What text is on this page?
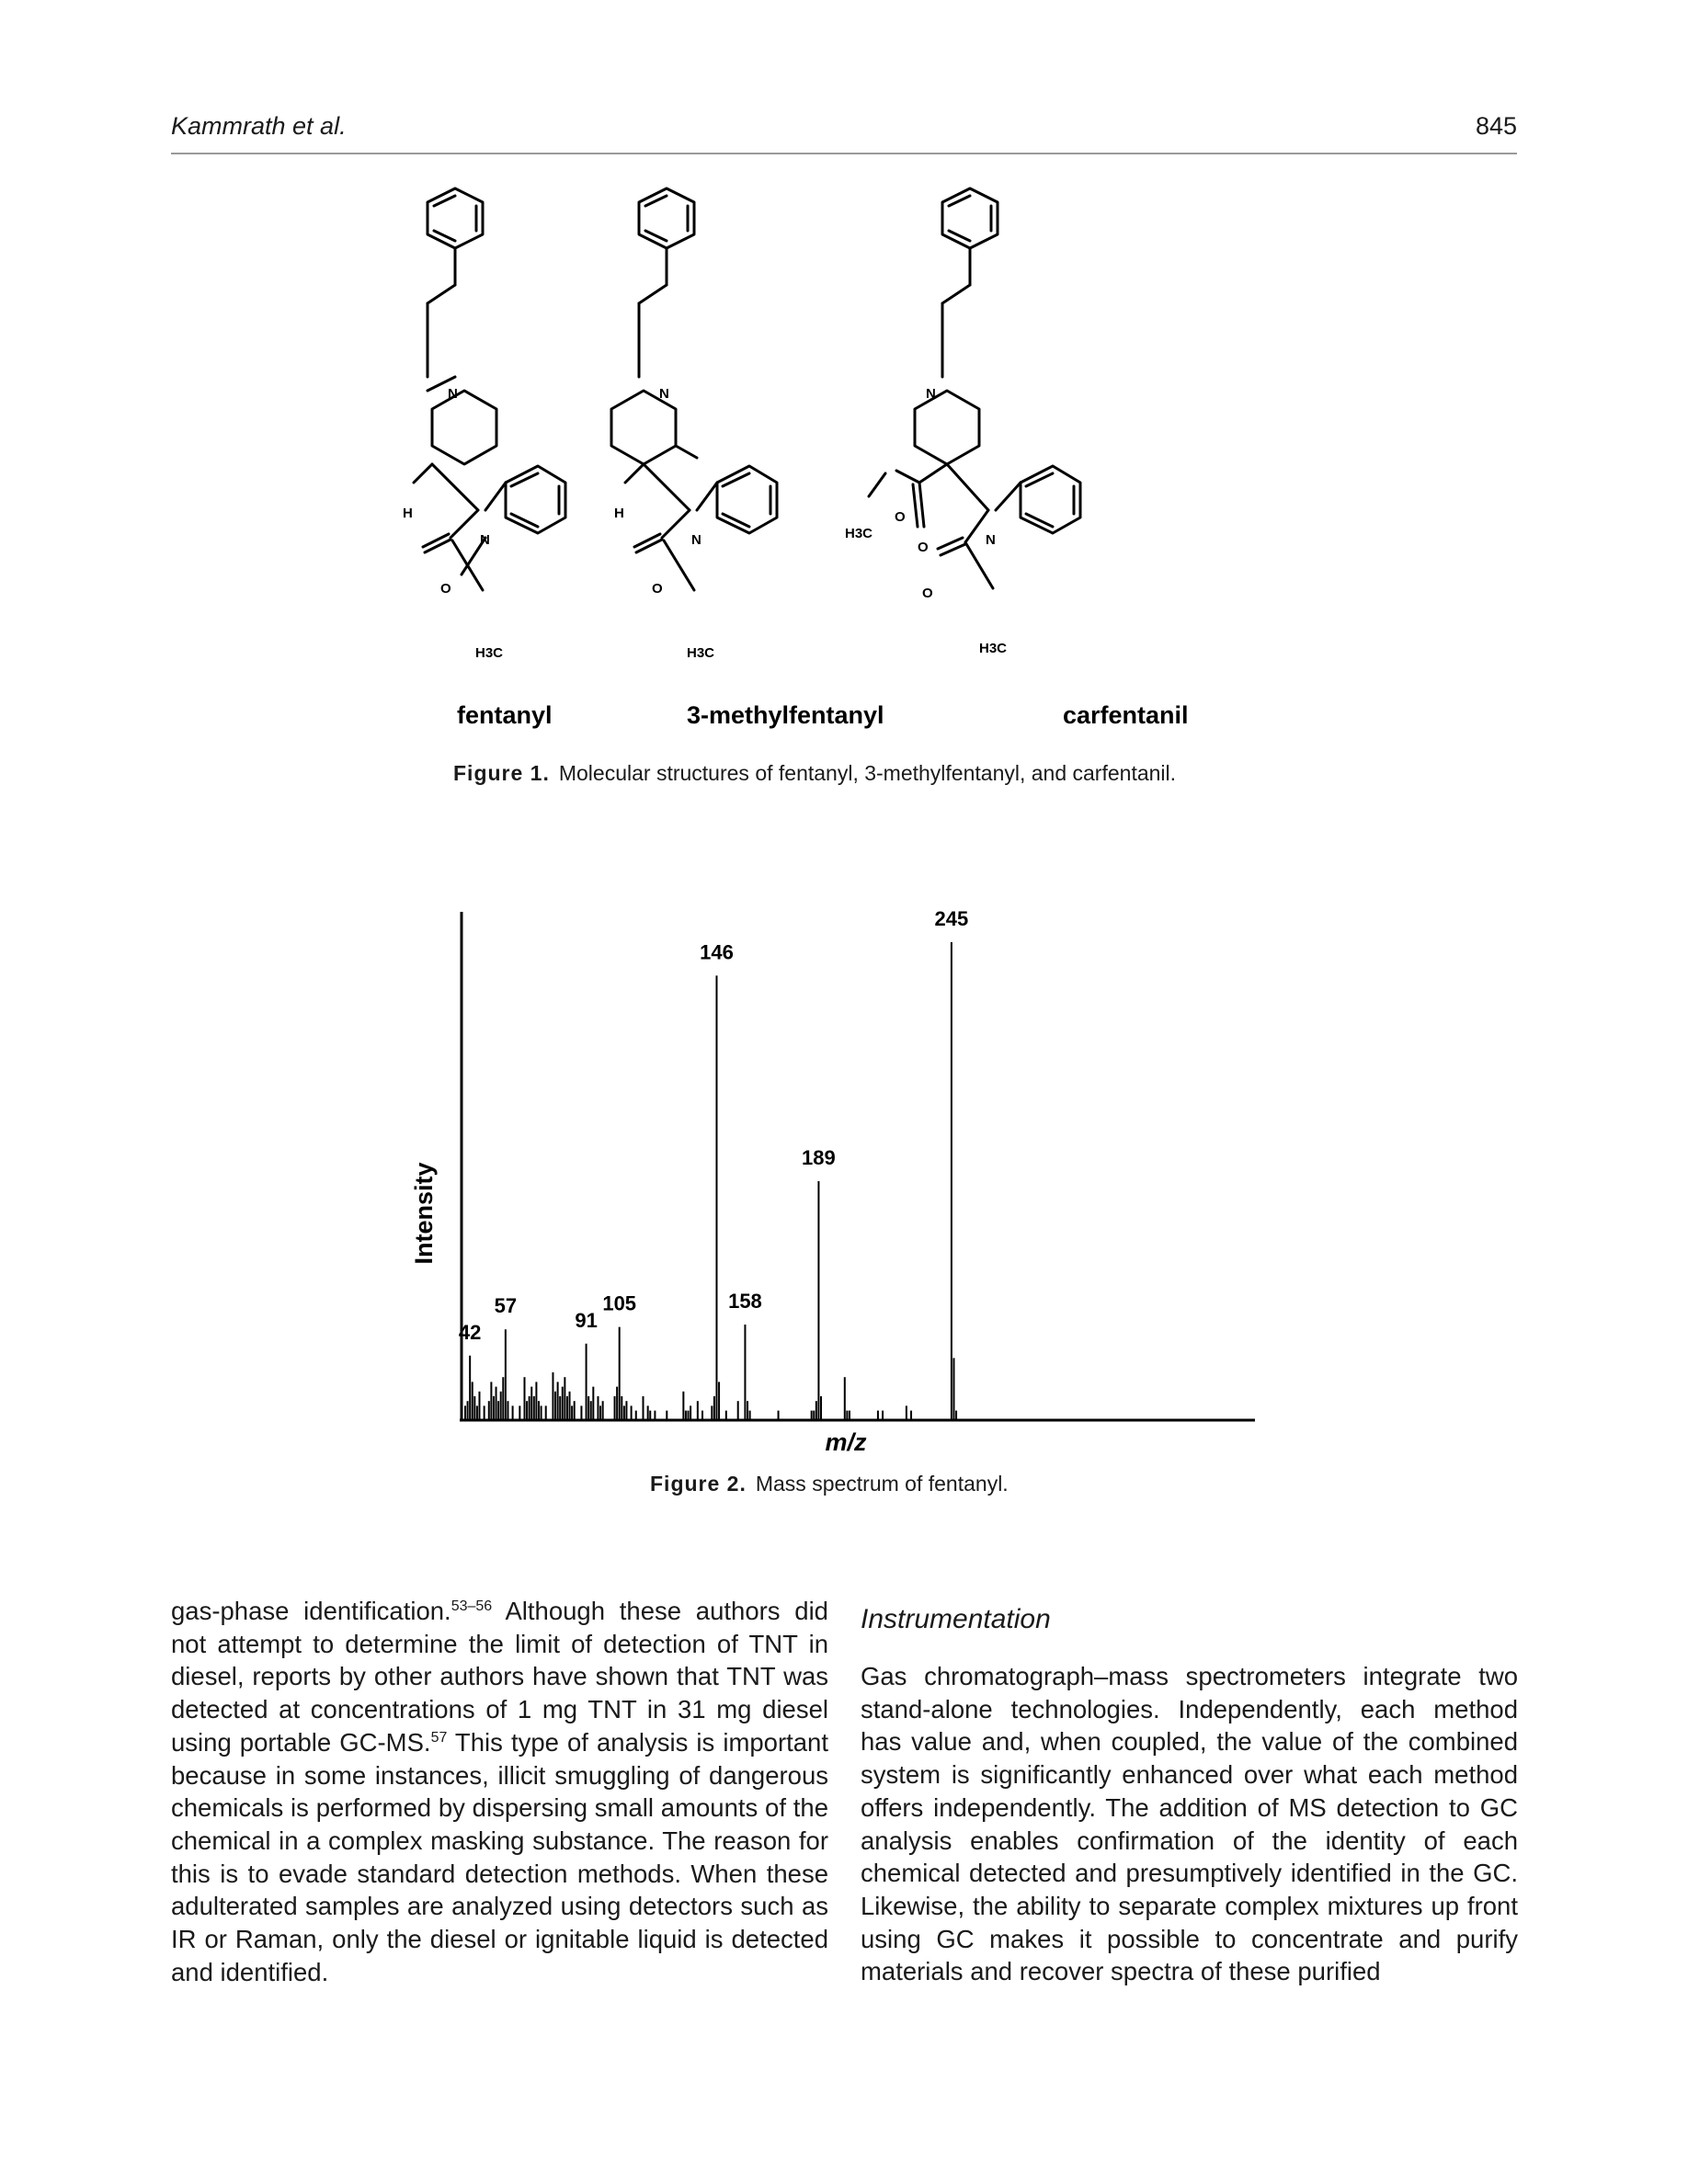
Kammrath et al.	845
N
N
H
O
H3C
N
N
H
O
H3C
N
N
O
O
H3C
O
H3C
fentanyl	3-methylfentanyl	carfentanil
Figure 1. Molecular structures of fentanyl, 3-methylfentanyl, and carfentanil.
42
57
91
105
146
158
189
245
Intensity
m/z
Figure 2. Mass spectrum of fentanyl.

gas-phase identification.$^{53-56}$ Although these authors did not attempt to determine the limit of detection of TNT in diesel, reports by other authors have shown that TNT was detected at concentrations of 1 mg TNT in 31 mg diesel using portable GC-MS.$^{57}$ This type of analysis is important because in some instances, illicit smuggling of dangerous chemicals is performed by dispersing small amounts of the chemical in a complex masking substance. The reason for this is to evade standard detection methods. When these adulterated samples are analyzed using detectors such as IR or Raman, only the diesel or ignitable liquid is detected and identified.

Instrumentation

Gas chromatograph–mass spectrometers integrate two stand-alone technologies. Independently, each method has value and, when coupled, the value of the combined system is significantly enhanced over what each method offers independently. The addition of MS detection to GC analysis enables confirmation of the identity of each chemical detected and presumptively identified in the GC. Likewise, the ability to separate complex mixtures up front using GC makes it possible to concentrate and purify materials and recover spectra of these purified
